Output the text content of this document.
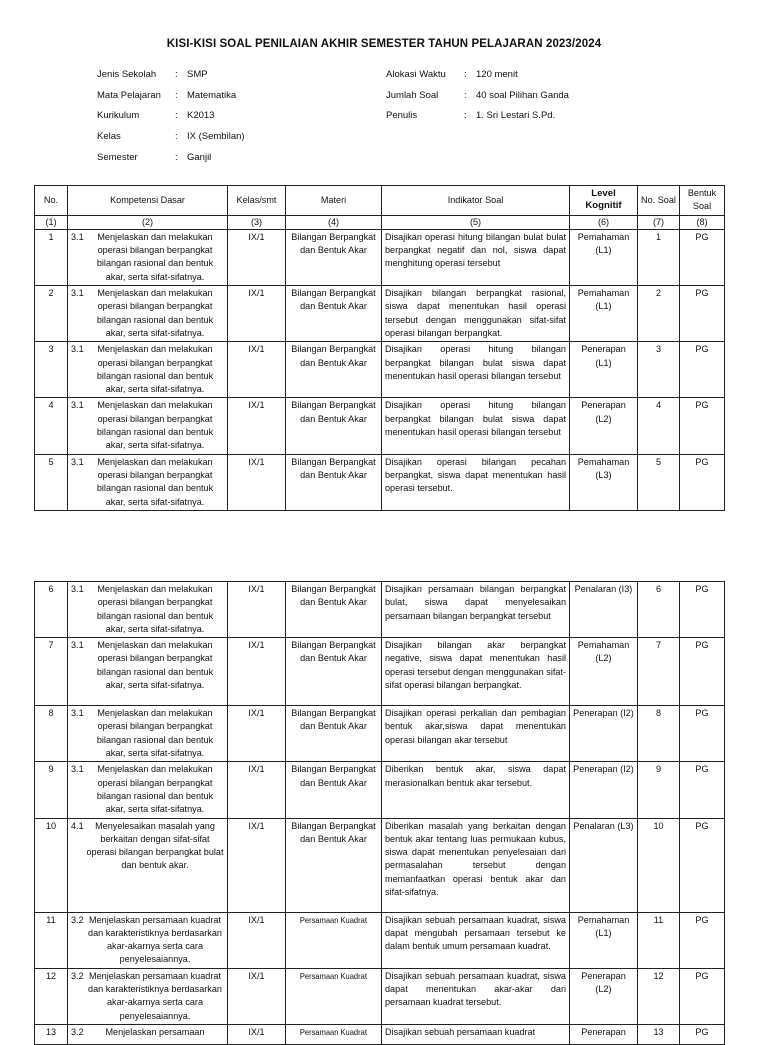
KISI-KISI SOAL PENILAIAN AKHIR SEMESTER TAHUN PELAJARAN 2023/2024
Jenis Sekolah	: SMP
Mata Pelajaran	: Matematika
Kurikulum	: K2013
Kelas	: IX (Sembilan)
Semester	: Ganjil
Alokasi Waktu	: 120 menit
Jumlah Soal	: 40 soal Pilihan Ganda
Penulis	: 1. Sri Lestari S.Pd.
No.	Kompetensi Dasar	Kelas/smt	Materi	Indikator Soal	Level Kognitif	No. Soal	Bentuk Soal
(1)	(2)	(3)	(4)	(5)	(6)	(7)	(8)
1	3.1 Menjelaskan dan melakukan operasi bilangan berpangkat bilangan rasional dan bentuk akar, serta sifat-sifatnya.	IX/1	Bilangan Berpangkat dan Bentuk Akar	Disajikan operasi hitung bilangan bulat bulat berpangkat negatif dan nol, siswa dapat menghitung operasi tersebut	Pemahaman (L1)	1	PG
2	3.1 Menjelaskan dan melakukan operasi bilangan berpangkat bilangan rasional dan bentuk akar, serta sifat-sifatnya.	IX/1	Bilangan Berpangkat dan Bentuk Akar	Disajikan bilangan berpangkat rasional, siswa dapat menentukan hasil operasi tersebut dengan menggunakan sifat-sifat operasi bilangan berpangkat.	Pemahaman (L1)	2	PG
3	3.1 Menjelaskan dan melakukan operasi bilangan berpangkat bilangan rasional dan bentuk akar, serta sifat-sifatnya.	IX/1	Bilangan Berpangkat dan Bentuk Akar	Disajikan operasi hitung bilangan berpangkat bilangan bulat siswa dapat menentukan hasil operasi bilangan tersebut	Penerapan (L1)	3	PG
4	3.1 Menjelaskan dan melakukan operasi bilangan berpangkat bilangan rasional dan bentuk akar, serta sifat-sifatnya.	IX/1	Bilangan Berpangkat dan Bentuk Akar	Disajikan operasi hitung bilangan berpangkat bilangan bulat siswa dapat menentukan hasil operasi bilangan tersebut	Penerapan (L2)	4	PG
5	3.1 Menjelaskan dan melakukan operasi bilangan berpangkat bilangan rasional dan bentuk akar, serta sifat-sifatnya.	IX/1	Bilangan Berpangkat dan Bentuk Akar	Disajikan operasi bilangan pecahan berpangkat, siswa dapat menentukan hasil operasi tersebut.	Pemahaman (L3)	5	PG
6	3.1 Menjelaskan dan melakukan operasi bilangan berpangkat bilangan rasional dan bentuk akar, serta sifat-sifatnya.	IX/1	Bilangan Berpangkat dan Bentuk Akar	Disajikan persamaan bilangan berpangkat bulat, siswa dapat menyelesaikan persamaan bilangan berpangkat tersebut	Penalaran (I3)	6	PG
7	3.1 Menjelaskan dan melakukan operasi bilangan berpangkat bilangan rasional dan bentuk akar, serta sifat-sifatnya.	IX/1	Bilangan Berpangkat dan Bentuk Akar	Disajikan bilangan akar berpangkat negative, siswa dapat menentukan hasil operasi tersebut dengan menggunakan sifat-sifat operasi bilangan berpangkat.	Pemahaman (L2)	7	PG
8	3.1 Menjelaskan dan melakukan operasi bilangan berpangkat bilangan rasional dan bentuk akar, serta sifat-sifatnya.	IX/1	Bilangan Berpangkat dan Bentuk Akar	Disajikan operasi perkalian dan pembagian bentuk akar,siswa dapat menentukan operasi bilangan akar tersebut	Penerapan (I2)	8	PG
9	3.1 Menjelaskan dan melakukan operasi bilangan berpangkat bilangan rasional dan bentuk akar, serta sifat-sifatnya.	IX/1	Bilangan Berpangkat dan Bentuk Akar	Diberikan bentuk akar, siswa dapat merasionalkan bentuk akar tersebut.	Penerapan (I2)	9	PG
10	4.1 Menyelesaikan masalah yang berkaitan dengan sifat-sifat operasi bilangan berpangkat bulat dan bentuk akar.	IX/1	Bilangan Berpangkat dan Bentuk Akar	Diberikan masalah yang berkaitan dengan bentuk akar tentang luas permukaan kubus, siswa dapat menentukan penyelesaian dari permasalahan tersebut dengan memanfaatkan operasi bentuk akar dan sifat-sifatnya.	Penalaran (L3)	10	PG
11	3.2 Menjelaskan persamaan kuadrat dan karakteristiknya berdasarkan akar-akarnya serta cara penyelesaiannya.	IX/1	Persamaan Kuadrat	Disajikan sebuah persamaan kuadrat, siswa dapat mengubah persamaan tersebut ke dalam bentuk umum persamaan kuadrat.	Pemahaman (L1)	11	PG
12	3.2 Menjelaskan persamaan kuadrat dan karakteristiknya berdasarkan akar-akarnya serta cara penyelesaiannya.	IX/1	Persamaan Kuadrat	Disajikan sebuah persamaan kuadrat, siswa dapat menentukan akar-akar dari persamaan kuadrat tersebut.	Penerapan (L2)	12	PG
13	3.2 Menjelaskan persamaan	IX/1	Persamaan Kuadrat	Disajikan sebuah persamaan kuadrat	Penerapan	13	PG
